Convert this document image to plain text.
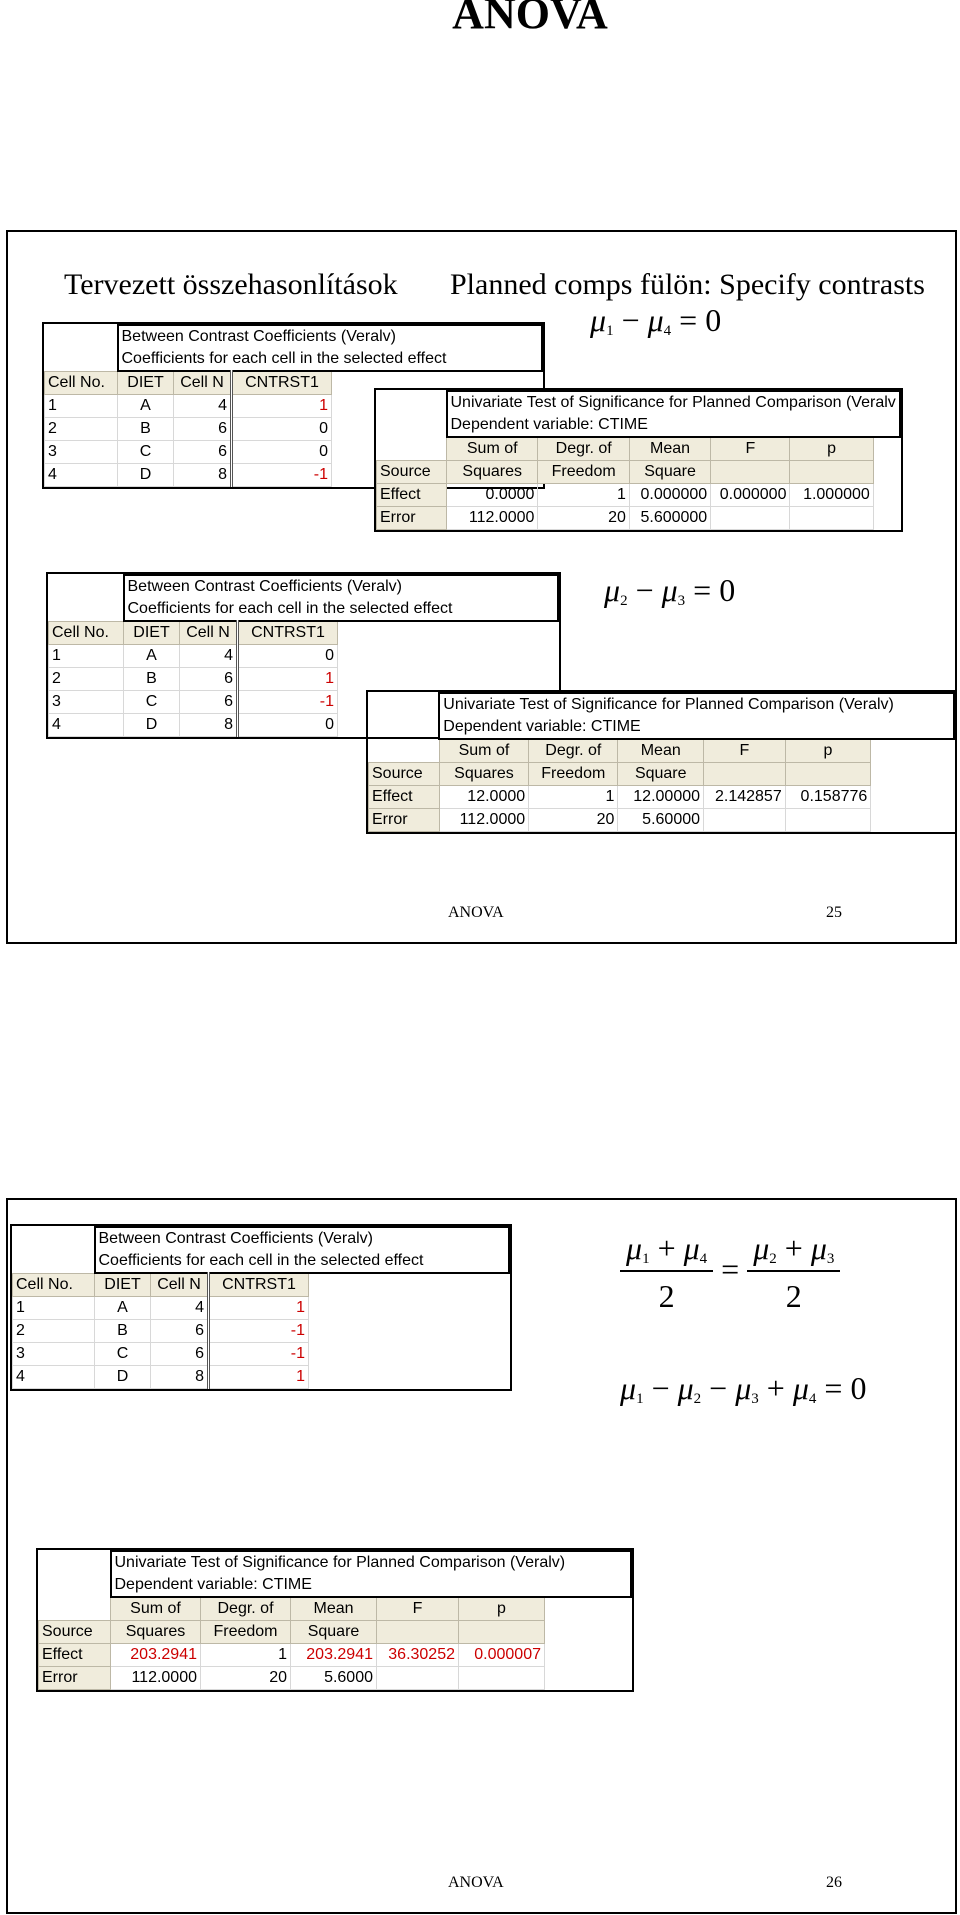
ANOVA
Tervezett összehasonlítások Planned comps fülön: Specify contrasts
$\mu_1 - \mu_4 = 0$
	Between Contrast Coefficients (Veralv)			
	Coefficients for each cell in the selected effect			
Cell No.	DIET	Cell N	CNTRST1	
1	A	4	1	
2	B	6	0	
3	C	6	0	
4	D	8	-1	
	Univariate Test of Significance for Planned Comparison (Veralv					
	Dependent variable: CTIME					
	Sum of	Degr. of	Mean	F	p	
Source	Squares	Freedom	Square			
Effect	0.0000	1	0.000000	0.000000	1.000000	
Error	112.0000	20	5.600000			
$\mu_2 - \mu_3 = 0$
	Between Contrast Coefficients (Veralv)			
	Coefficients for each cell in the selected effect			
Cell No.	DIET	Cell N	CNTRST1	
1	A	4	0	
2	B	6	1	
3	C	6	-1	
4	D	8	0	
	Univariate Test of Significance for Planned Comparison (Veralv)					
	Dependent variable: CTIME					
	Sum of	Degr. of	Mean	F	p	
Source	Squares	Freedom	Square			
Effect	12.0000	1	12.00000	2.142857	0.158776	
Error	112.0000	20	5.60000			
ANOVA	25
	Between Contrast Coefficients (Veralv)			
	Coefficients for each cell in the selected effect			
Cell No.	DIET	Cell N	CNTRST1	
1	A	4	1	
2	B	6	-1	
3	C	6	-1	
4	D	8	1	
$\frac{\mu_1 + \mu_4}{2} = \frac{\mu_2 + \mu_3}{2}$
$\mu_1 - \mu_2 - \mu_3 + \mu_4 = 0$
	Univariate Test of Significance for Planned Comparison (Veralv)					
	Dependent variable: CTIME					
	Sum of	Degr. of	Mean	F	p	
Source	Squares	Freedom	Square			
Effect	203.2941	1	203.2941	36.30252	0.000007	
Error	112.0000	20	5.6000			
ANOVA	26
